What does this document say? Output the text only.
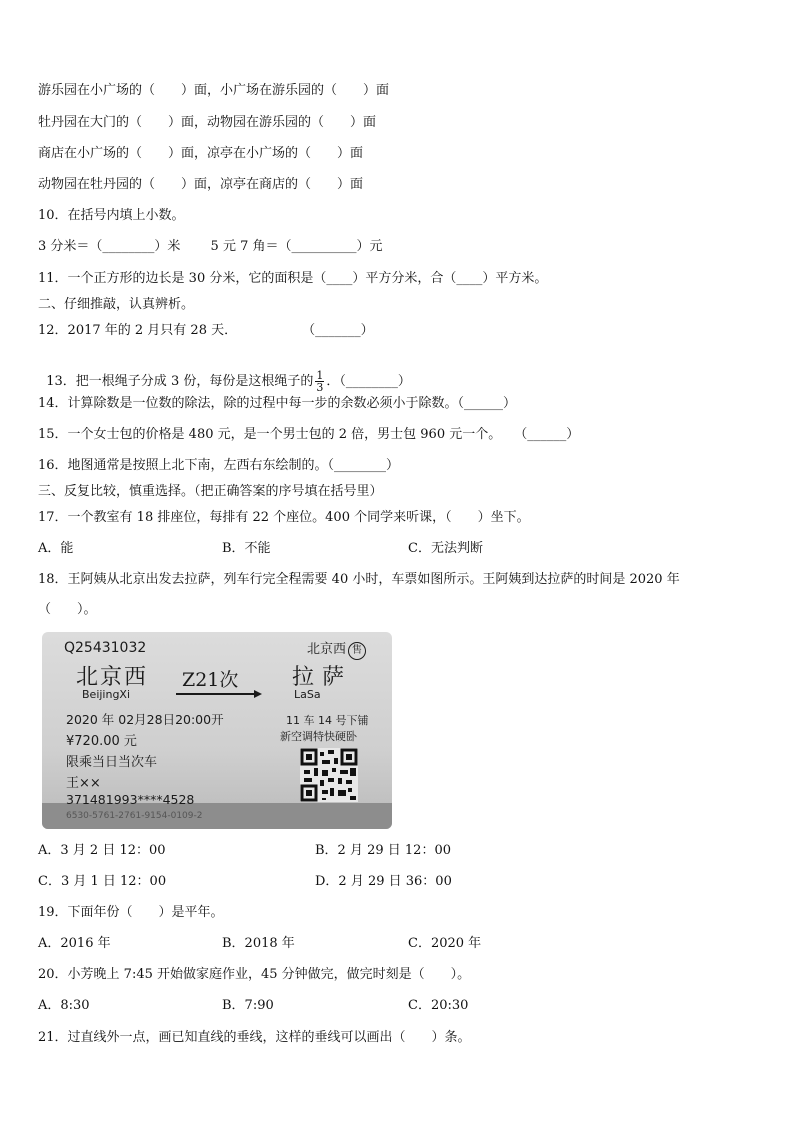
游乐园在小广场的（　　）面，小广场在游乐园的（　　）面
牡丹园在大门的（　　）面，动物园在游乐园的（　　）面
商店在小广场的（　　）面，凉亭在小广场的（　　）面
动物园在牡丹园的（　　）面，凉亭在商店的（　　）面
10．在括号内填上小数。
3 分米＝（________）米　　 5 元 7 角＝（__________）元
11．一个正方形的边长是 30 分米，它的面积是（____）平方分米，合（____）平方米。
二、仔细推敲，认真辨析。
12．2017 年的 2 月只有 28 天．　　　　　　（_______）

13．把一根绳子分成 3 份，每份是这根绳子的 $\frac{1}{3}$ ．（________）

14．计算除数是一位数的除法，除的过程中每一步的余数必须小于除数。（______）
15．一个女士包的价格是 480 元，是一个男士包的 2 倍，男士包 960 元一个。　　（______）
16．地图通常是按照上北下南，左西右东绘制的。（________）
三、反复比较，慎重选择。（把正确答案的序号填在括号里）
17．一个教室有 18 排座位，每排有 22 个座位。400 个同学来听课，（　　）坐下。
A．能	B．不能	C．无法判断
18．王阿姨从北京出发去拉萨，列车行完全程需要 40 小时，车票如图所示。王阿姨到达拉萨的时间是 2020 年
（　　）。
Q25431032	北京西 售
北京西
BeijingXi
Z21次 拉萨
LaSa
2020 年 02月28日20:00开	11 车 14 号下铺
¥720.00 元	新空调特快硬卧
限乘当日当次车
王××
371481993****4528
6530-5761-2761-9154-0109-2
A．3 月 2 日 12：00	B．2 月 29 日 12：00
C．3 月 1 日 12：00	D．2 月 29 日 36：00
19．下面年份（　　）是平年。
A．2016 年	B．2018 年	C．2020 年
20．小芳晚上 7:45 开始做家庭作业，45 分钟做完，做完时刻是（　　）。
A．8:30	B．7:90	C．20:30
21．过直线外一点，画已知直线的垂线，这样的垂线可以画出（　　）条。
